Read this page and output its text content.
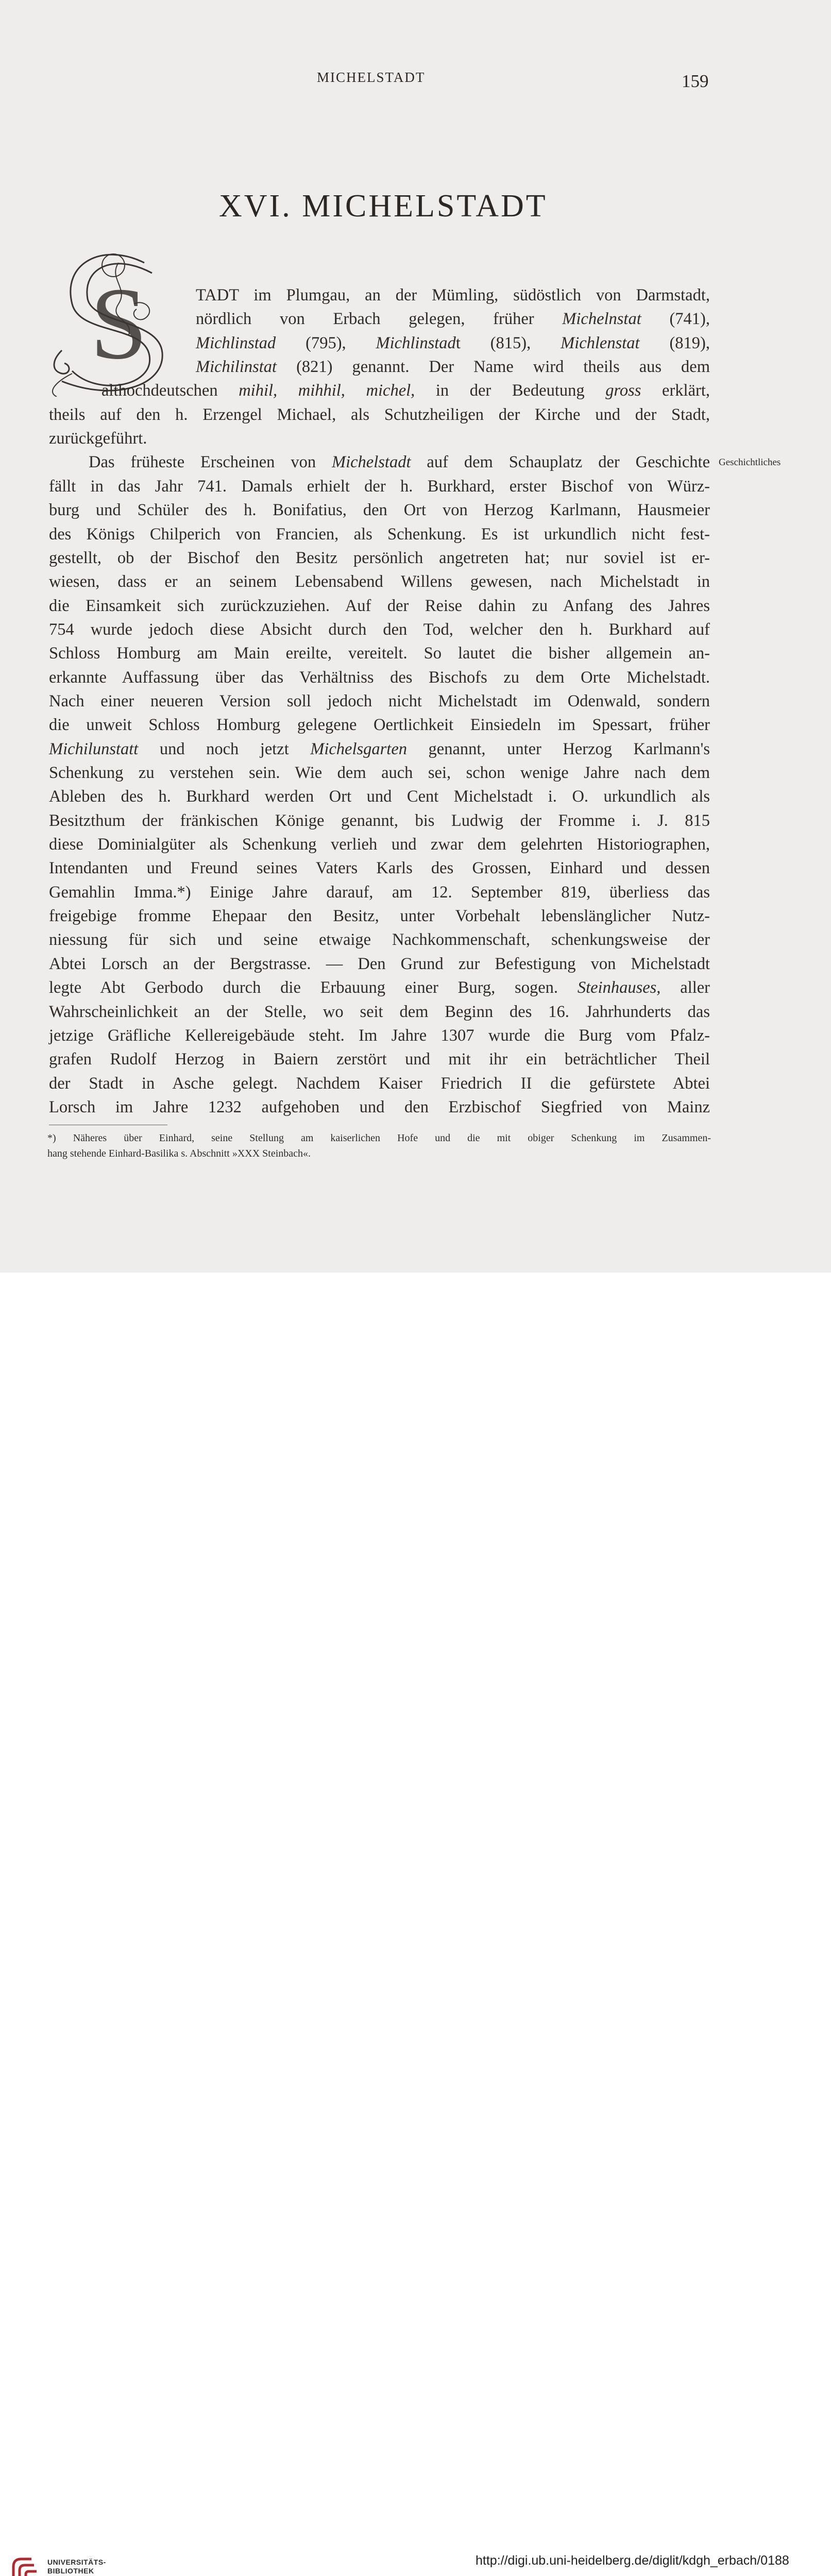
MICHELSTADT	159
XVI. MICHELSTADT
S
Geschichtliches
TADT im Plumgau, an der Mümling, südöstlich von Darmstadt,
nördlich von Erbach gelegen, früher Michelnstat (741),
Michlinstad (795), Michlinstadt (815), Michlenstat (819),
Michilinstat (821) genannt. Der Name wird theils aus dem
althochdeutschen mihil, mihhil, michel, in der Bedeutung gross erklärt,
theils auf den h. Erzengel Michael, als Schutzheiligen der Kirche und der Stadt,
zurückgeführt.
Das früheste Erscheinen von Michelstadt auf dem Schauplatz der Geschichte
fällt in das Jahr 741. Damals erhielt der h. Burkhard, erster Bischof von Würz-
burg und Schüler des h. Bonifatius, den Ort von Herzog Karlmann, Hausmeier
des Königs Chilperich von Francien, als Schenkung. Es ist urkundlich nicht fest-
gestellt, ob der Bischof den Besitz persönlich angetreten hat; nur soviel ist er-
wiesen, dass er an seinem Lebensabend Willens gewesen, nach Michelstadt in
die Einsamkeit sich zurückzuziehen. Auf der Reise dahin zu Anfang des Jahres
754 wurde jedoch diese Absicht durch den Tod, welcher den h. Burkhard auf
Schloss Homburg am Main ereilte, vereitelt. So lautet die bisher allgemein an-
erkannte Auffassung über das Verhältniss des Bischofs zu dem Orte Michelstadt.
Nach einer neueren Version soll jedoch nicht Michelstadt im Odenwald, sondern
die unweit Schloss Homburg gelegene Oertlichkeit Einsiedeln im Spessart, früher
Michilunstatt und noch jetzt Michelsgarten genannt, unter Herzog Karlmann's
Schenkung zu verstehen sein. Wie dem auch sei, schon wenige Jahre nach dem
Ableben des h. Burkhard werden Ort und Cent Michelstadt i. O. urkundlich als
Besitzthum der fränkischen Könige genannt, bis Ludwig der Fromme i. J. 815
diese Dominialgüter als Schenkung verlieh und zwar dem gelehrten Historiographen,
Intendanten und Freund seines Vaters Karls des Grossen, Einhard und dessen
Gemahlin Imma.*) Einige Jahre darauf, am 12. September 819, überliess das
freigebige fromme Ehepaar den Besitz, unter Vorbehalt lebenslänglicher Nutz-
niessung für sich und seine etwaige Nachkommenschaft, schenkungsweise der
Abtei Lorsch an der Bergstrasse. — Den Grund zur Befestigung von Michelstadt
legte Abt Gerbodo durch die Erbauung einer Burg, sogen. Steinhauses, aller
Wahrscheinlichkeit an der Stelle, wo seit dem Beginn des 16. Jahrhunderts das
jetzige Gräfliche Kellereigebäude steht. Im Jahre 1307 wurde die Burg vom Pfalz-
grafen Rudolf Herzog in Baiern zerstört und mit ihr ein beträchtlicher Theil
der Stadt in Asche gelegt. Nachdem Kaiser Friedrich II die gefürstete Abtei
Lorsch im Jahre 1232 aufgehoben und den Erzbischof Siegfried von Mainz
*) Näheres über Einhard, seine Stellung am kaiserlichen Hofe und die mit obiger Schenkung im Zusammen-
hang stehende Einhard-Basilika s. Abschnitt »XXX Steinbach«.
UNIVERSITÄTS-
BIBLIOTHEK
http://digi.ub.uni-heidelberg.de/diglit/kdgh_erbach/0188
